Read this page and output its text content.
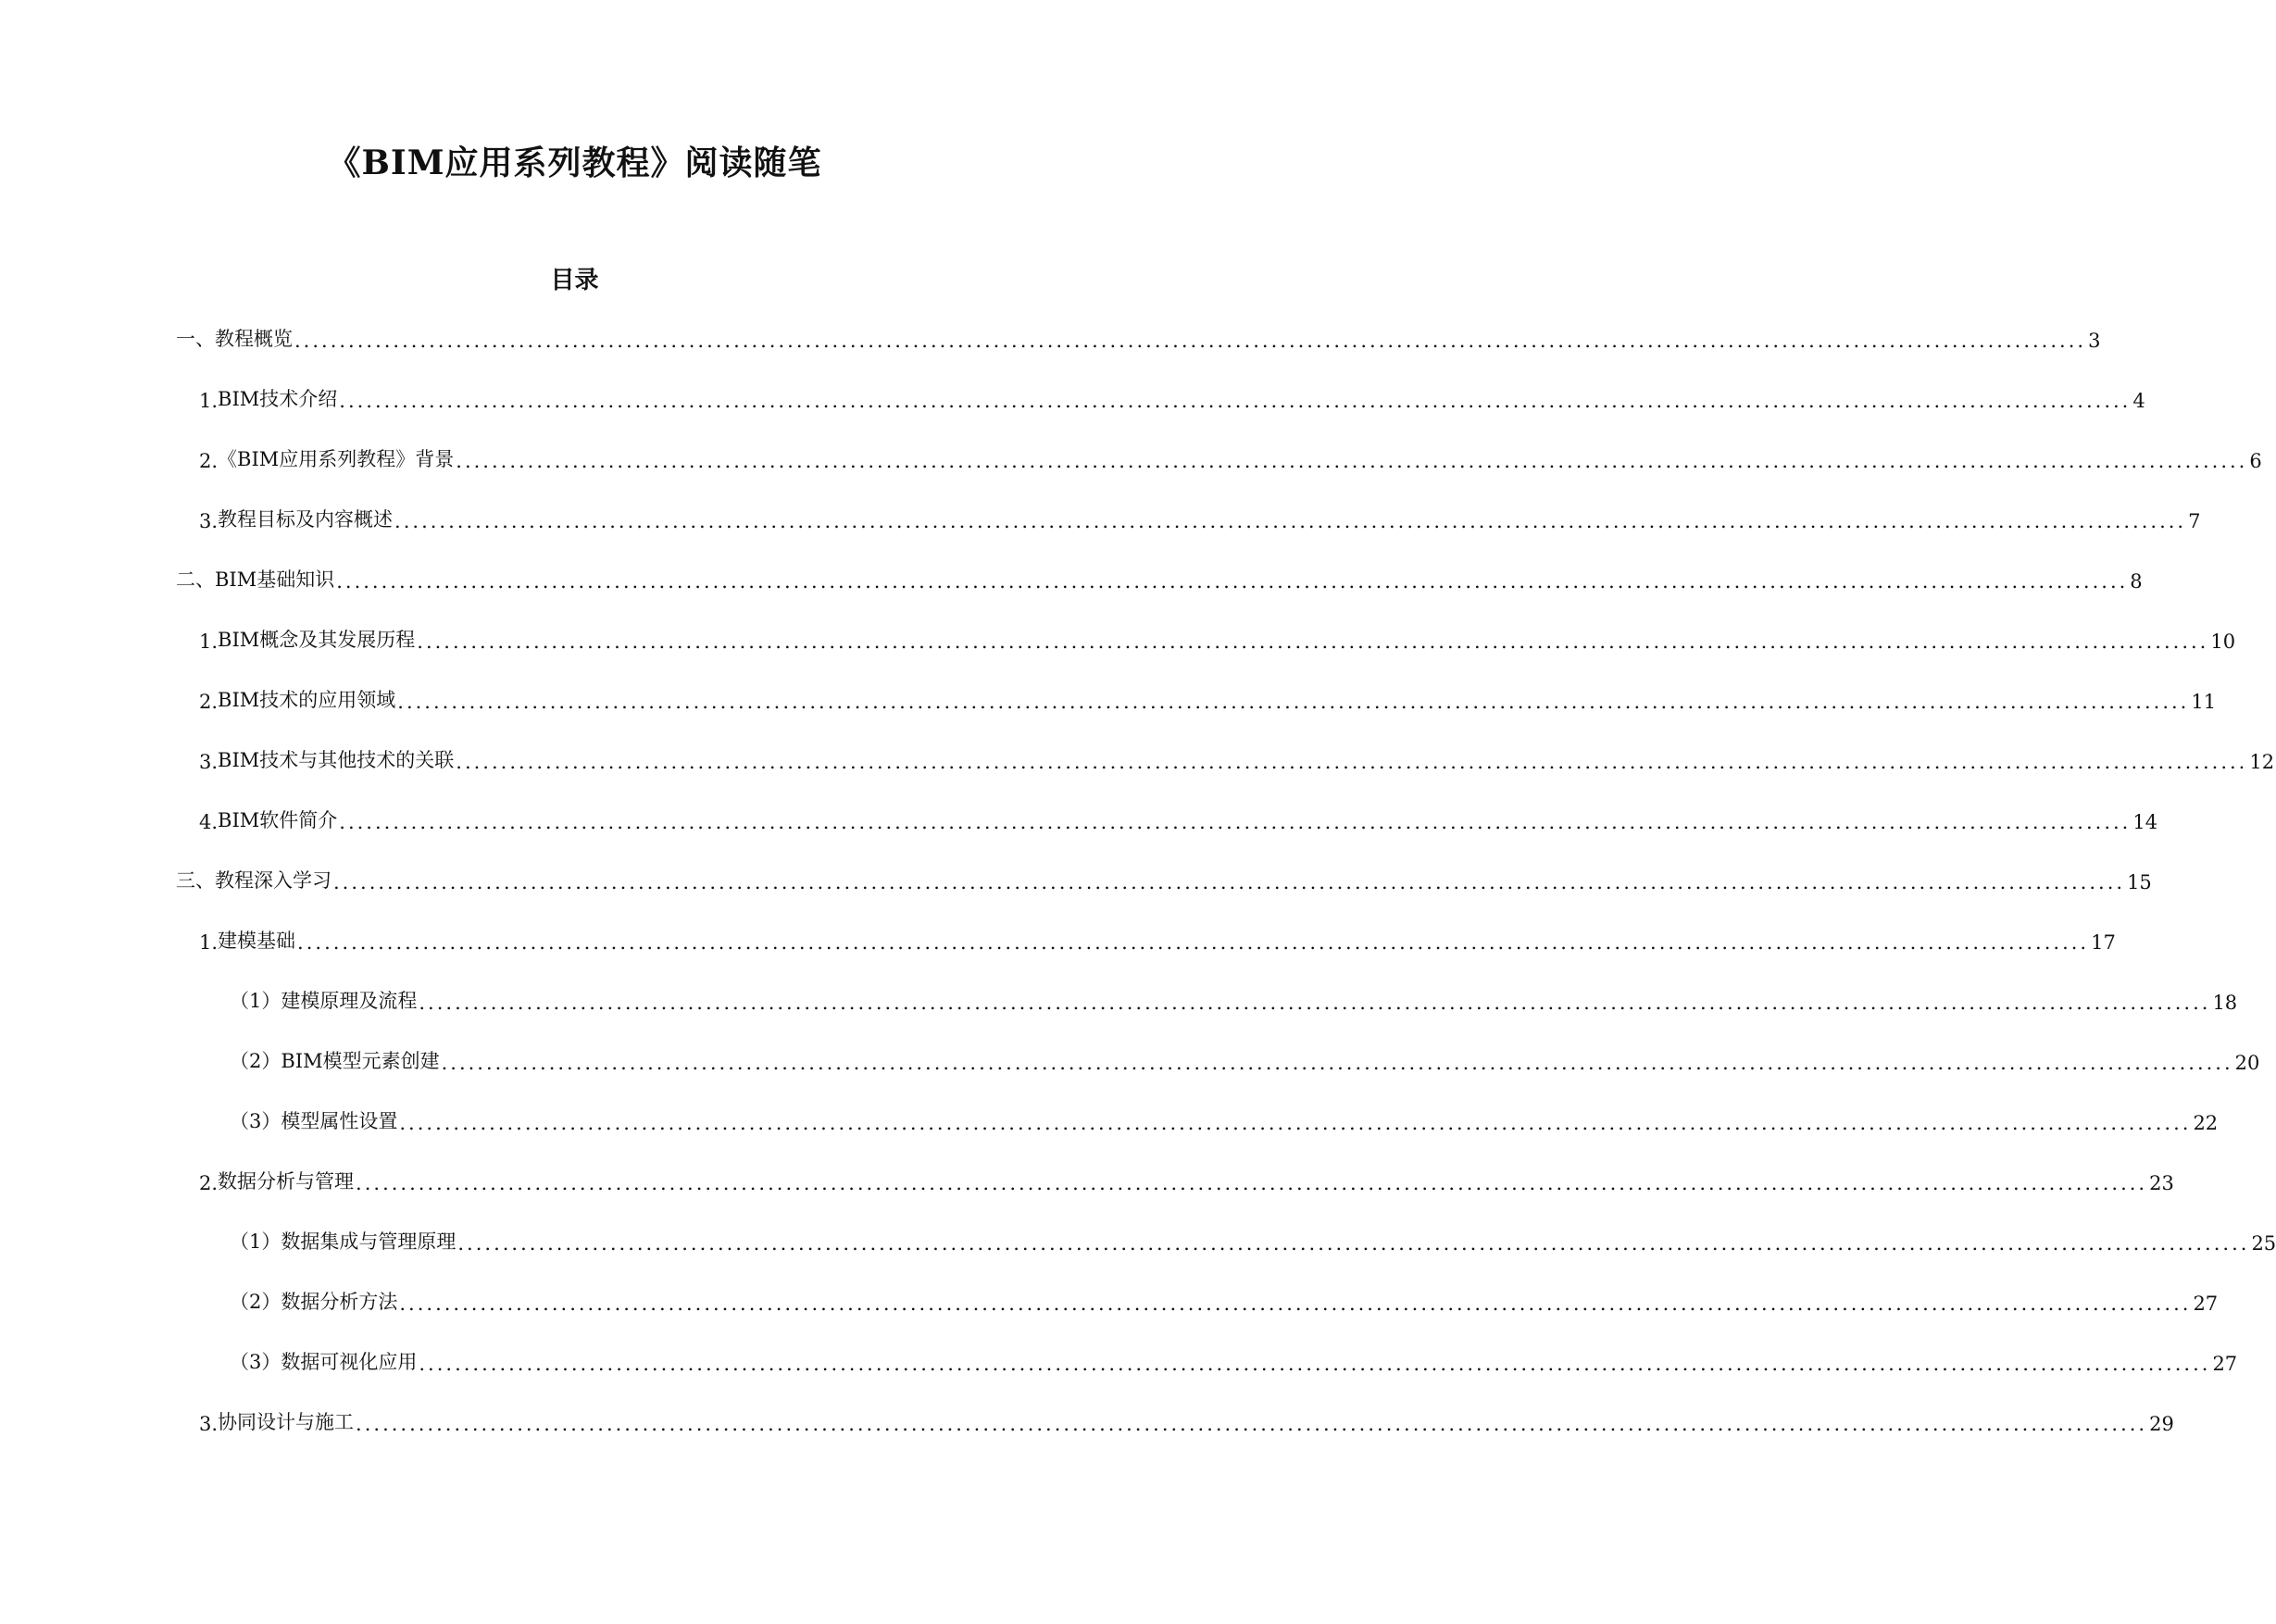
《BIM应用系列教程》阅读随笔
目录
一、教程概览 ........................................................................................................................................................................................................ 3
1. BIM技术介绍 ........................................................................................................................................................................................................ 4
2. 《BIM应用系列教程》背景 ........................................................................................................................................................................................................ 6
3. 教程目标及内容概述 ........................................................................................................................................................................................................ 7
二、BIM基础知识 ........................................................................................................................................................................................................ 8
1. BIM概念及其发展历程 ........................................................................................................................................................................................................ 10
2. BIM技术的应用领域 ........................................................................................................................................................................................................ 11
3. BIM技术与其他技术的关联 ........................................................................................................................................................................................................ 12
4. BIM软件简介 ........................................................................................................................................................................................................ 14
三、教程深入学习 ........................................................................................................................................................................................................ 15
1. 建模基础 ........................................................................................................................................................................................................ 17
（1）建模原理及流程 ........................................................................................................................................................................................................ 18
（2）BIM模型元素创建 ........................................................................................................................................................................................................ 20
（3）模型属性设置 ........................................................................................................................................................................................................ 22
2. 数据分析与管理 ........................................................................................................................................................................................................ 23
（1）数据集成与管理原理 ........................................................................................................................................................................................................ 25
（2）数据分析方法 ........................................................................................................................................................................................................ 27
（3）数据可视化应用 ........................................................................................................................................................................................................ 27
3. 协同设计与施工 ........................................................................................................................................................................................................ 29
